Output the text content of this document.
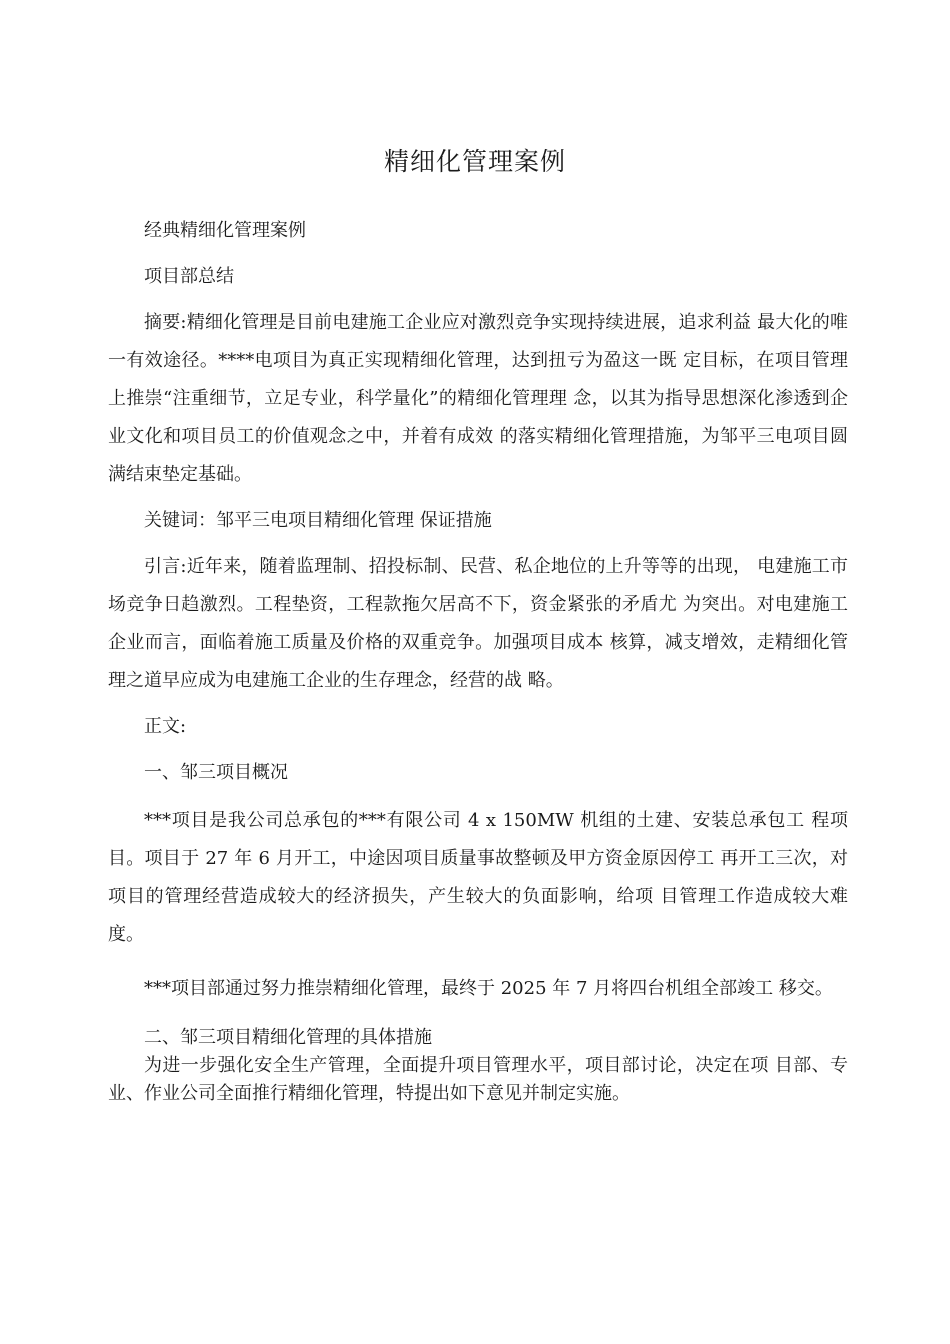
精细化管理案例

经典精细化管理案例

项目部总结

摘要:精细化管理是目前电建施工企业应对激烈竞争实现持续进展，追求利益 最大化的唯一有效途径。****电项目为真正实现精细化管理，达到扭亏为盈这一既 定目标，在项目管理上推崇“注重细节，立足专业，科学量化”的精细化管理理 念，以其为指导思想深化渗透到企业文化和项目员工的价值观念之中，并着有成效 的落实精细化管理措施，为邹平三电项目圆满结束垫定基础。

关键词：邹平三电项目精细化管理 保证措施

引言:近年来，随着监理制、招投标制、民营、私企地位的上升等等的出现， 电建施工市场竞争日趋激烈。工程垫资，工程款拖欠居高不下，资金紧张的矛盾尤 为突出。对电建施工企业而言，面临着施工质量及价格的双重竞争。加强项目成本 核算，减支增效，走精细化管理之道早应成为电建施工企业的生存理念，经营的战 略。

正文:

一、邹三项目概况

***项目是我公司总承包的***有限公司 4 x 150MW 机组的土建、安装总承包工 程项目。项目于 27 年 6 月开工，中途因项目质量事故整顿及甲方资金原因停工 再开工三次，对项目的管理经营造成较大的经济损失，产生较大的负面影响，给项 目管理工作造成较大难度。

***项目部通过努力推崇精细化管理，最终于 2025 年 7 月将四台机组全部竣工 移交。

二、邹三项目精细化管理的具体措施

为进一步强化安全生产管理，全面提升项目管理水平，项目部讨论，决定在项 目部、专业、作业公司全面推行精细化管理，特提出如下意见并制定实施。
